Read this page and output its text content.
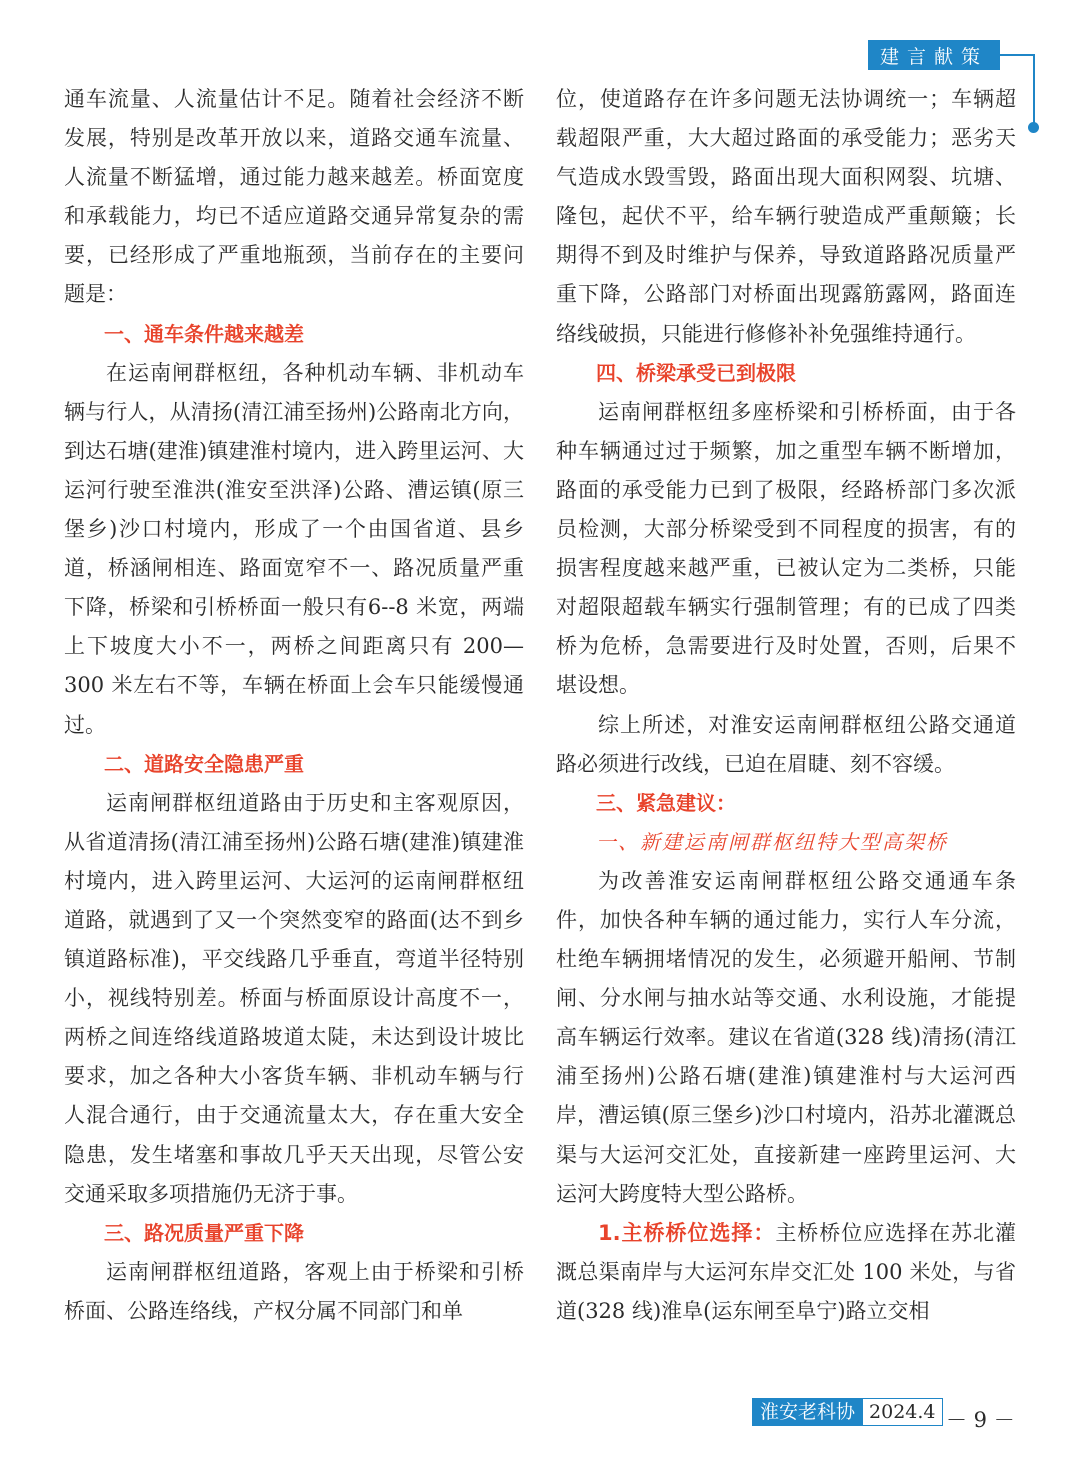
建言献策

通车流量、人流量估计不足。随着社会经济不断发展，特别是改革开放以来，道路交通车流量、人流量不断猛增，通过能力越来越差。桥面宽度和承载能力，均已不适应道路交通异常复杂的需要，已经形成了严重地瓶颈，当前存在的主要问题是：

一、通车条件越来越差

在运南闸群枢纽，各种机动车辆、非机动车辆与行人，从清扬(清江浦至扬州)公路南北方向，到达石塘(建淮)镇建淮村境内，进入跨里运河、大运河行驶至淮洪(淮安至洪泽)公路、漕运镇(原三堡乡)沙口村境内，形成了一个由国省道、县乡道，桥涵闸相连、路面宽窄不一、路况质量严重下降，桥梁和引桥桥面一般只有6--8 米宽，两端上下坡度大小不一，两桥之间距离只有 200—300 米左右不等，车辆在桥面上会车只能缓慢通过。

二、道路安全隐患严重

运南闸群枢纽道路由于历史和主客观原因，从省道清扬(清江浦至扬州)公路石塘(建淮)镇建淮村境内，进入跨里运河、大运河的运南闸群枢纽道路，就遇到了又一个突然变窄的路面(达不到乡镇道路标准)，平交线路几乎垂直，弯道半径特别小，视线特别差。桥面与桥面原设计高度不一，两桥之间连络线道路坡道太陡，未达到设计坡比要求，加之各种大小客货车辆、非机动车辆与行人混合通行，由于交通流量太大，存在重大安全隐患，发生堵塞和事故几乎天天出现，尽管公安交通采取多项措施仍无济于事。

三、路况质量严重下降

运南闸群枢纽道路，客观上由于桥梁和引桥桥面、公路连络线，产权分属不同部门和单

位，使道路存在许多问题无法协调统一；车辆超载超限严重，大大超过路面的承受能力；恶劣天气造成水毁雪毁，路面出现大面积网裂、坑塘、隆包，起伏不平，给车辆行驶造成严重颠簸；长期得不到及时维护与保养，导致道路路况质量严重下降，公路部门对桥面出现露筋露网，路面连络线破损，只能进行修修补补免强维持通行。

四、桥梁承受已到极限

运南闸群枢纽多座桥梁和引桥桥面，由于各种车辆通过过于频繁，加之重型车辆不断增加，路面的承受能力已到了极限，经路桥部门多次派员检测，大部分桥梁受到不同程度的损害，有的损害程度越来越严重，已被认定为二类桥，只能对超限超载车辆实行强制管理；有的已成了四类桥为危桥，急需要进行及时处置，否则，后果不堪设想。

综上所述，对淮安运南闸群枢纽公路交通道路必须进行改线，已迫在眉睫、刻不容缓。

三、紧急建议：

一、新建运南闸群枢纽特大型高架桥

为改善淮安运南闸群枢纽公路交通通车条件，加快各种车辆的通过能力，实行人车分流，杜绝车辆拥堵情况的发生，必须避开船闸、节制闸、分水闸与抽水站等交通、水利设施，才能提高车辆运行效率。建议在省道(328 线)清扬(清江浦至扬州)公路石塘(建淮)镇建淮村与大运河西岸，漕运镇(原三堡乡)沙口村境内，沿苏北灌溉总渠与大运河交汇处，直接新建一座跨里运河、大运河大跨度特大型公路桥。

1.主桥桥位选择：主桥桥位应选择在苏北灌溉总渠南岸与大运河东岸交汇处 100 米处，与省道(328 线)淮阜(运东闸至阜宁)路立交相

淮安老科协 2024.4 － 9 －
